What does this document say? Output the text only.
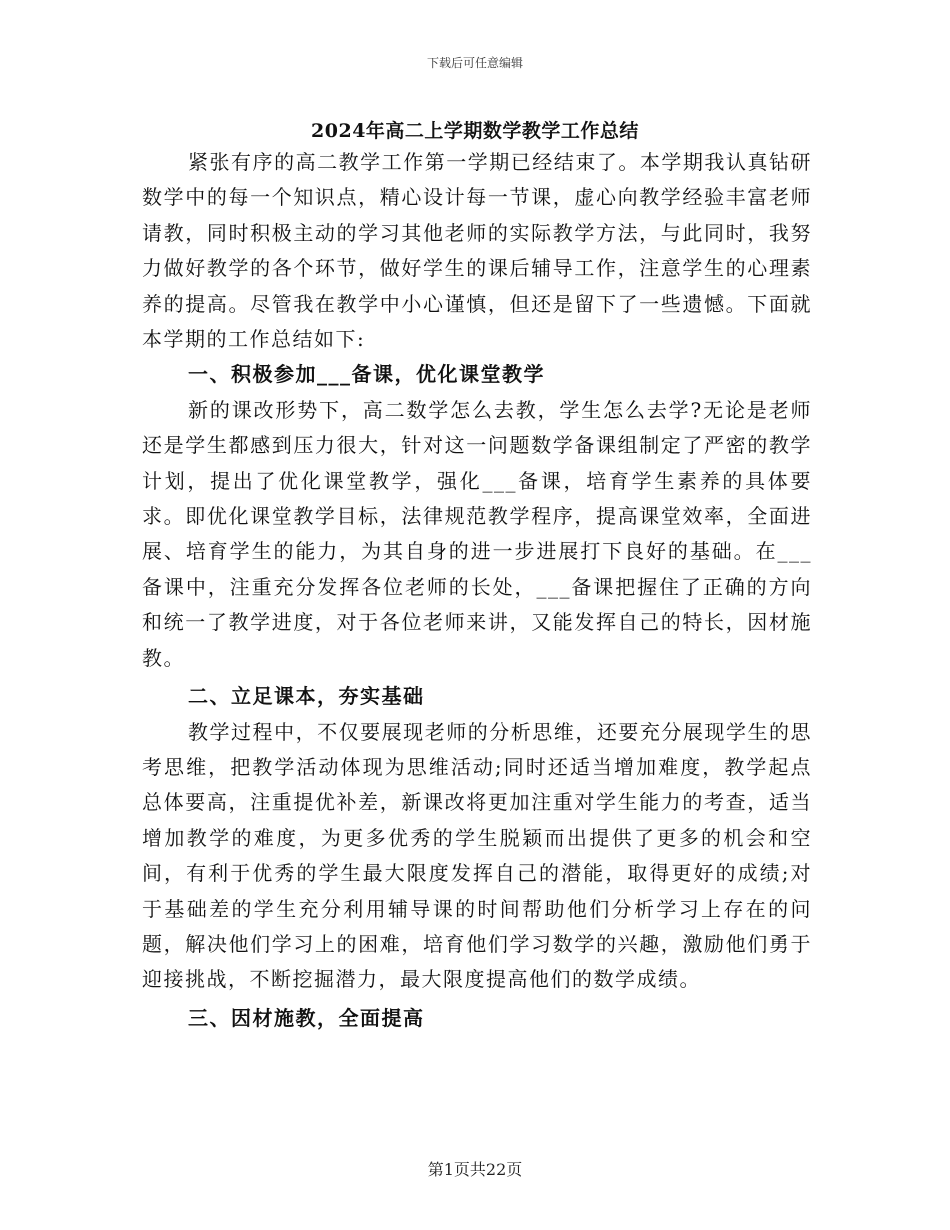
下载后可任意编辑
2024年高二上学期数学教学工作总结

紧张有序的高二教学工作第一学期已经结束了。本学期我认真钻研数学中的每一个知识点，精心设计每一节课，虚心向教学经验丰富老师请教，同时积极主动的学习其他老师的实际教学方法，与此同时，我努力做好教学的各个环节，做好学生的课后辅导工作，注意学生的心理素养的提高。尽管我在教学中小心谨慎，但还是留下了一些遗憾。下面就本学期的工作总结如下:

一、积极参加___备课，优化课堂教学

新的课改形势下，高二数学怎么去教，学生怎么去学?无论是老师还是学生都感到压力很大，针对这一问题数学备课组制定了严密的教学计划，提出了优化课堂教学，强化___备课，培育学生素养的具体要求。即优化课堂教学目标，法律规范教学程序，提高课堂效率，全面进展、培育学生的能力，为其自身的进一步进展打下良好的基础。在___备课中，注重充分发挥各位老师的长处，___备课把握住了正确的方向和统一了教学进度，对于各位老师来讲，又能发挥自己的特长，因材施教。

二、立足课本，夯实基础

教学过程中，不仅要展现老师的分析思维，还要充分展现学生的思考思维，把教学活动体现为思维活动;同时还适当增加难度，教学起点总体要高，注重提优补差，新课改将更加注重对学生能力的考查，适当增加教学的难度，为更多优秀的学生脱颖而出提供了更多的机会和空间，有利于优秀的学生最大限度发挥自己的潜能，取得更好的成绩;对于基础差的学生充分利用辅导课的时间帮助他们分析学习上存在的问题，解决他们学习上的困难，培育他们学习数学的兴趣，激励他们勇于迎接挑战，不断挖掘潜力，最大限度提高他们的数学成绩。

三、因材施教，全面提高

第1页共22页
